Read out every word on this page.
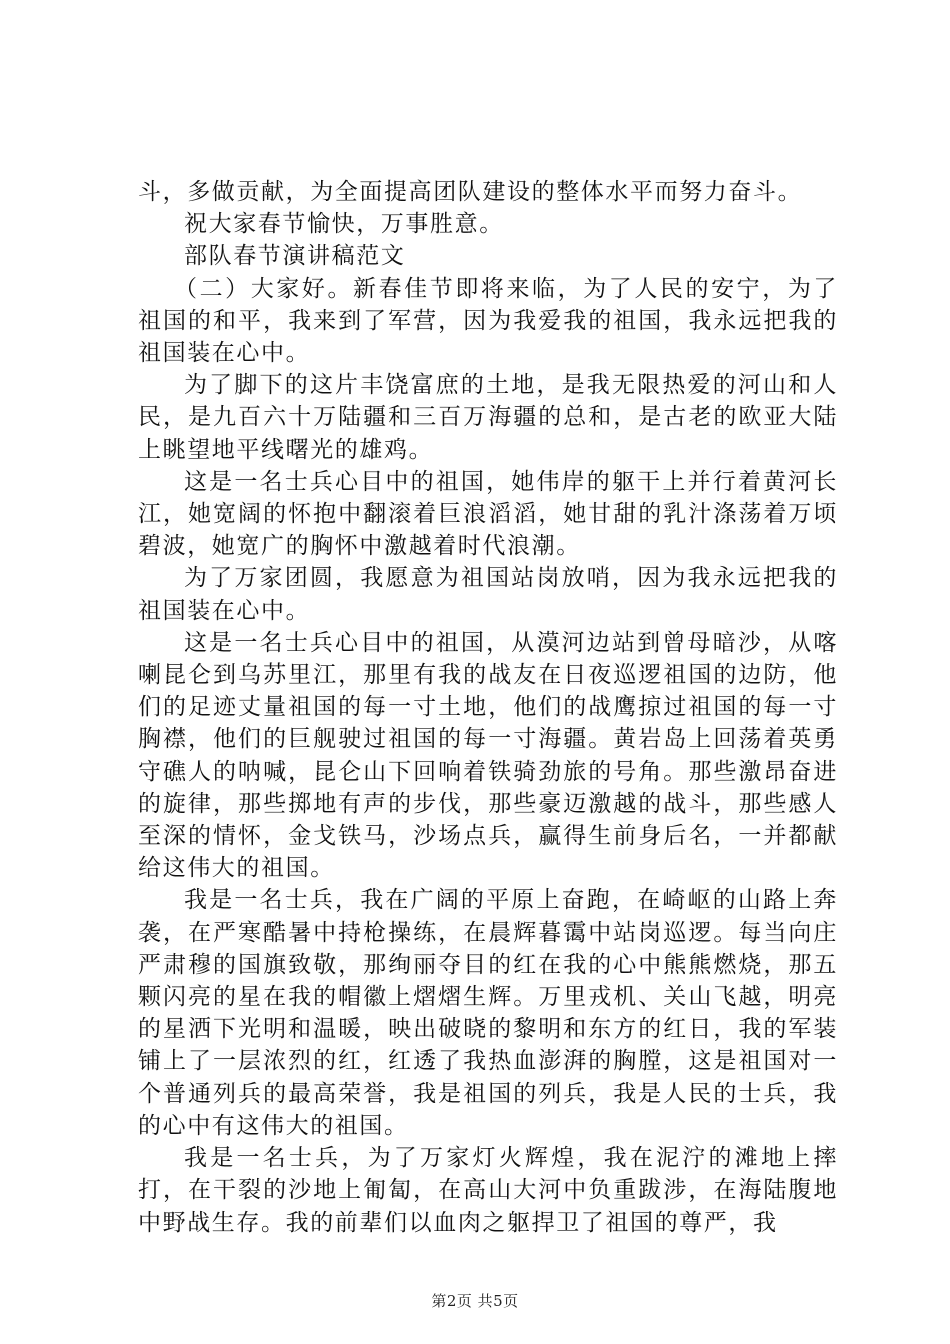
斗，多做贡献，为全面提高团队建设的整体水平而努力奋斗。

祝大家春节愉快，万事胜意。

部队春节演讲稿范文

（二）大家好。新春佳节即将来临，为了人民的安宁，为了祖国的和平，我来到了军营，因为我爱我的祖国，我永远把我的祖国装在心中。

为了脚下的这片丰饶富庶的土地，是我无限热爱的河山和人民，是九百六十万陆疆和三百万海疆的总和，是古老的欧亚大陆上眺望地平线曙光的雄鸡。

这是一名士兵心目中的祖国，她伟岸的躯干上并行着黄河长江，她宽阔的怀抱中翻滚着巨浪滔滔，她甘甜的乳汁涤荡着万顷碧波，她宽广的胸怀中激越着时代浪潮。

为了万家团圆，我愿意为祖国站岗放哨，因为我永远把我的祖国装在心中。

这是一名士兵心目中的祖国，从漠河边站到曾母暗沙，从喀喇昆仑到乌苏里江，那里有我的战友在日夜巡逻祖国的边防，他们的足迹丈量祖国的每一寸土地，他们的战鹰掠过祖国的每一寸胸襟，他们的巨舰驶过祖国的每一寸海疆。黄岩岛上回荡着英勇守礁人的呐喊，昆仑山下回响着铁骑劲旅的号角。那些激昂奋进的旋律，那些掷地有声的步伐，那些豪迈激越的战斗，那些感人至深的情怀，金戈铁马，沙场点兵，赢得生前身后名，一并都献给这伟大的祖国。

我是一名士兵，我在广阔的平原上奋跑，在崎岖的山路上奔袭，在严寒酷暑中持枪操练，在晨辉暮霭中站岗巡逻。每当向庄严肃穆的国旗致敬，那绚丽夺目的红在我的心中熊熊燃烧，那五颗闪亮的星在我的帽徽上熠熠生辉。万里戎机、关山飞越，明亮的星洒下光明和温暖，映出破晓的黎明和东方的红日，我的军装铺上了一层浓烈的红，红透了我热血澎湃的胸膛，这是祖国对一个普通列兵的最高荣誉，我是祖国的列兵，我是人民的士兵，我的心中有这伟大的祖国。

我是一名士兵，为了万家灯火辉煌，我在泥泞的滩地上摔打，在干裂的沙地上匍匐，在高山大河中负重跋涉，在海陆腹地中野战生存。我的前辈们以血肉之躯捍卫了祖国的尊严，我

第2页 共5页
